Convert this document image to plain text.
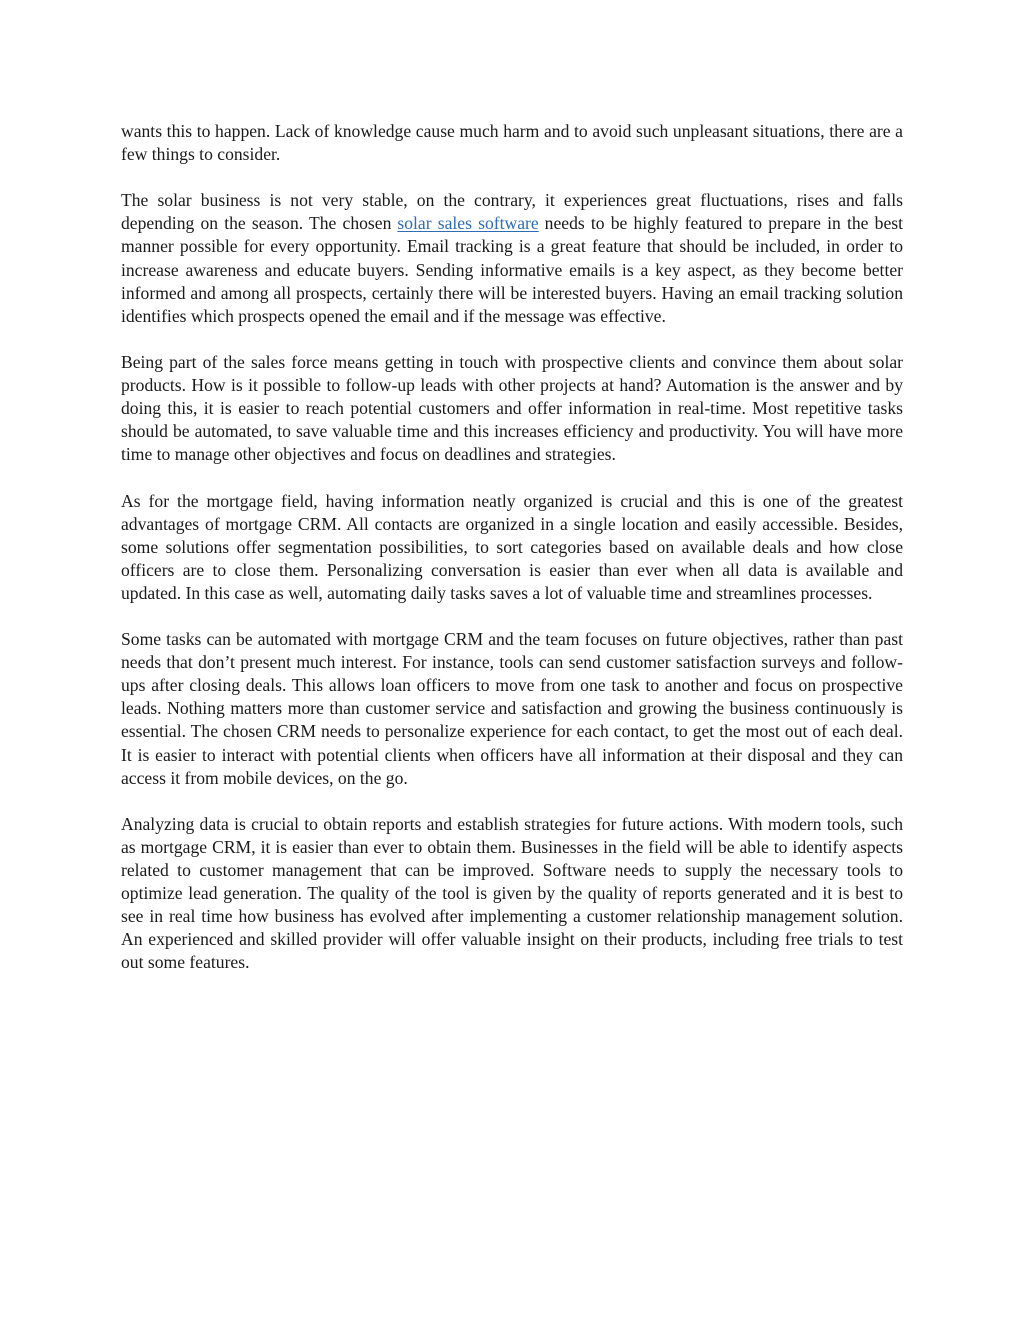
wants this to happen. Lack of knowledge cause much harm and to avoid such unpleasant situations, there are a few things to consider.

The solar business is not very stable, on the contrary, it experiences great fluctuations, rises and falls depending on the season. The chosen solar sales software needs to be highly featured to prepare in the best manner possible for every opportunity. Email tracking is a great feature that should be included, in order to increase awareness and educate buyers. Sending informative emails is a key aspect, as they become better informed and among all prospects, certainly there will be interested buyers. Having an email tracking solution identifies which prospects opened the email and if the message was effective.

Being part of the sales force means getting in touch with prospective clients and convince them about solar products. How is it possible to follow-up leads with other projects at hand? Automation is the answer and by doing this, it is easier to reach potential customers and offer information in real-time. Most repetitive tasks should be automated, to save valuable time and this increases efficiency and productivity. You will have more time to manage other objectives and focus on deadlines and strategies.

As for the mortgage field, having information neatly organized is crucial and this is one of the greatest advantages of mortgage CRM. All contacts are organized in a single location and easily accessible. Besides, some solutions offer segmentation possibilities, to sort categories based on available deals and how close officers are to close them. Personalizing conversation is easier than ever when all data is available and updated. In this case as well, automating daily tasks saves a lot of valuable time and streamlines processes.

Some tasks can be automated with mortgage CRM and the team focuses on future objectives, rather than past needs that don’t present much interest. For instance, tools can send customer satisfaction surveys and follow-ups after closing deals. This allows loan officers to move from one task to another and focus on prospective leads. Nothing matters more than customer service and satisfaction and growing the business continuously is essential. The chosen CRM needs to personalize experience for each contact, to get the most out of each deal. It is easier to interact with potential clients when officers have all information at their disposal and they can access it from mobile devices, on the go.

Analyzing data is crucial to obtain reports and establish strategies for future actions. With modern tools, such as mortgage CRM, it is easier than ever to obtain them. Businesses in the field will be able to identify aspects related to customer management that can be improved. Software needs to supply the necessary tools to optimize lead generation. The quality of the tool is given by the quality of reports generated and it is best to see in real time how business has evolved after implementing a customer relationship management solution. An experienced and skilled provider will offer valuable insight on their products, including free trials to test out some features.
